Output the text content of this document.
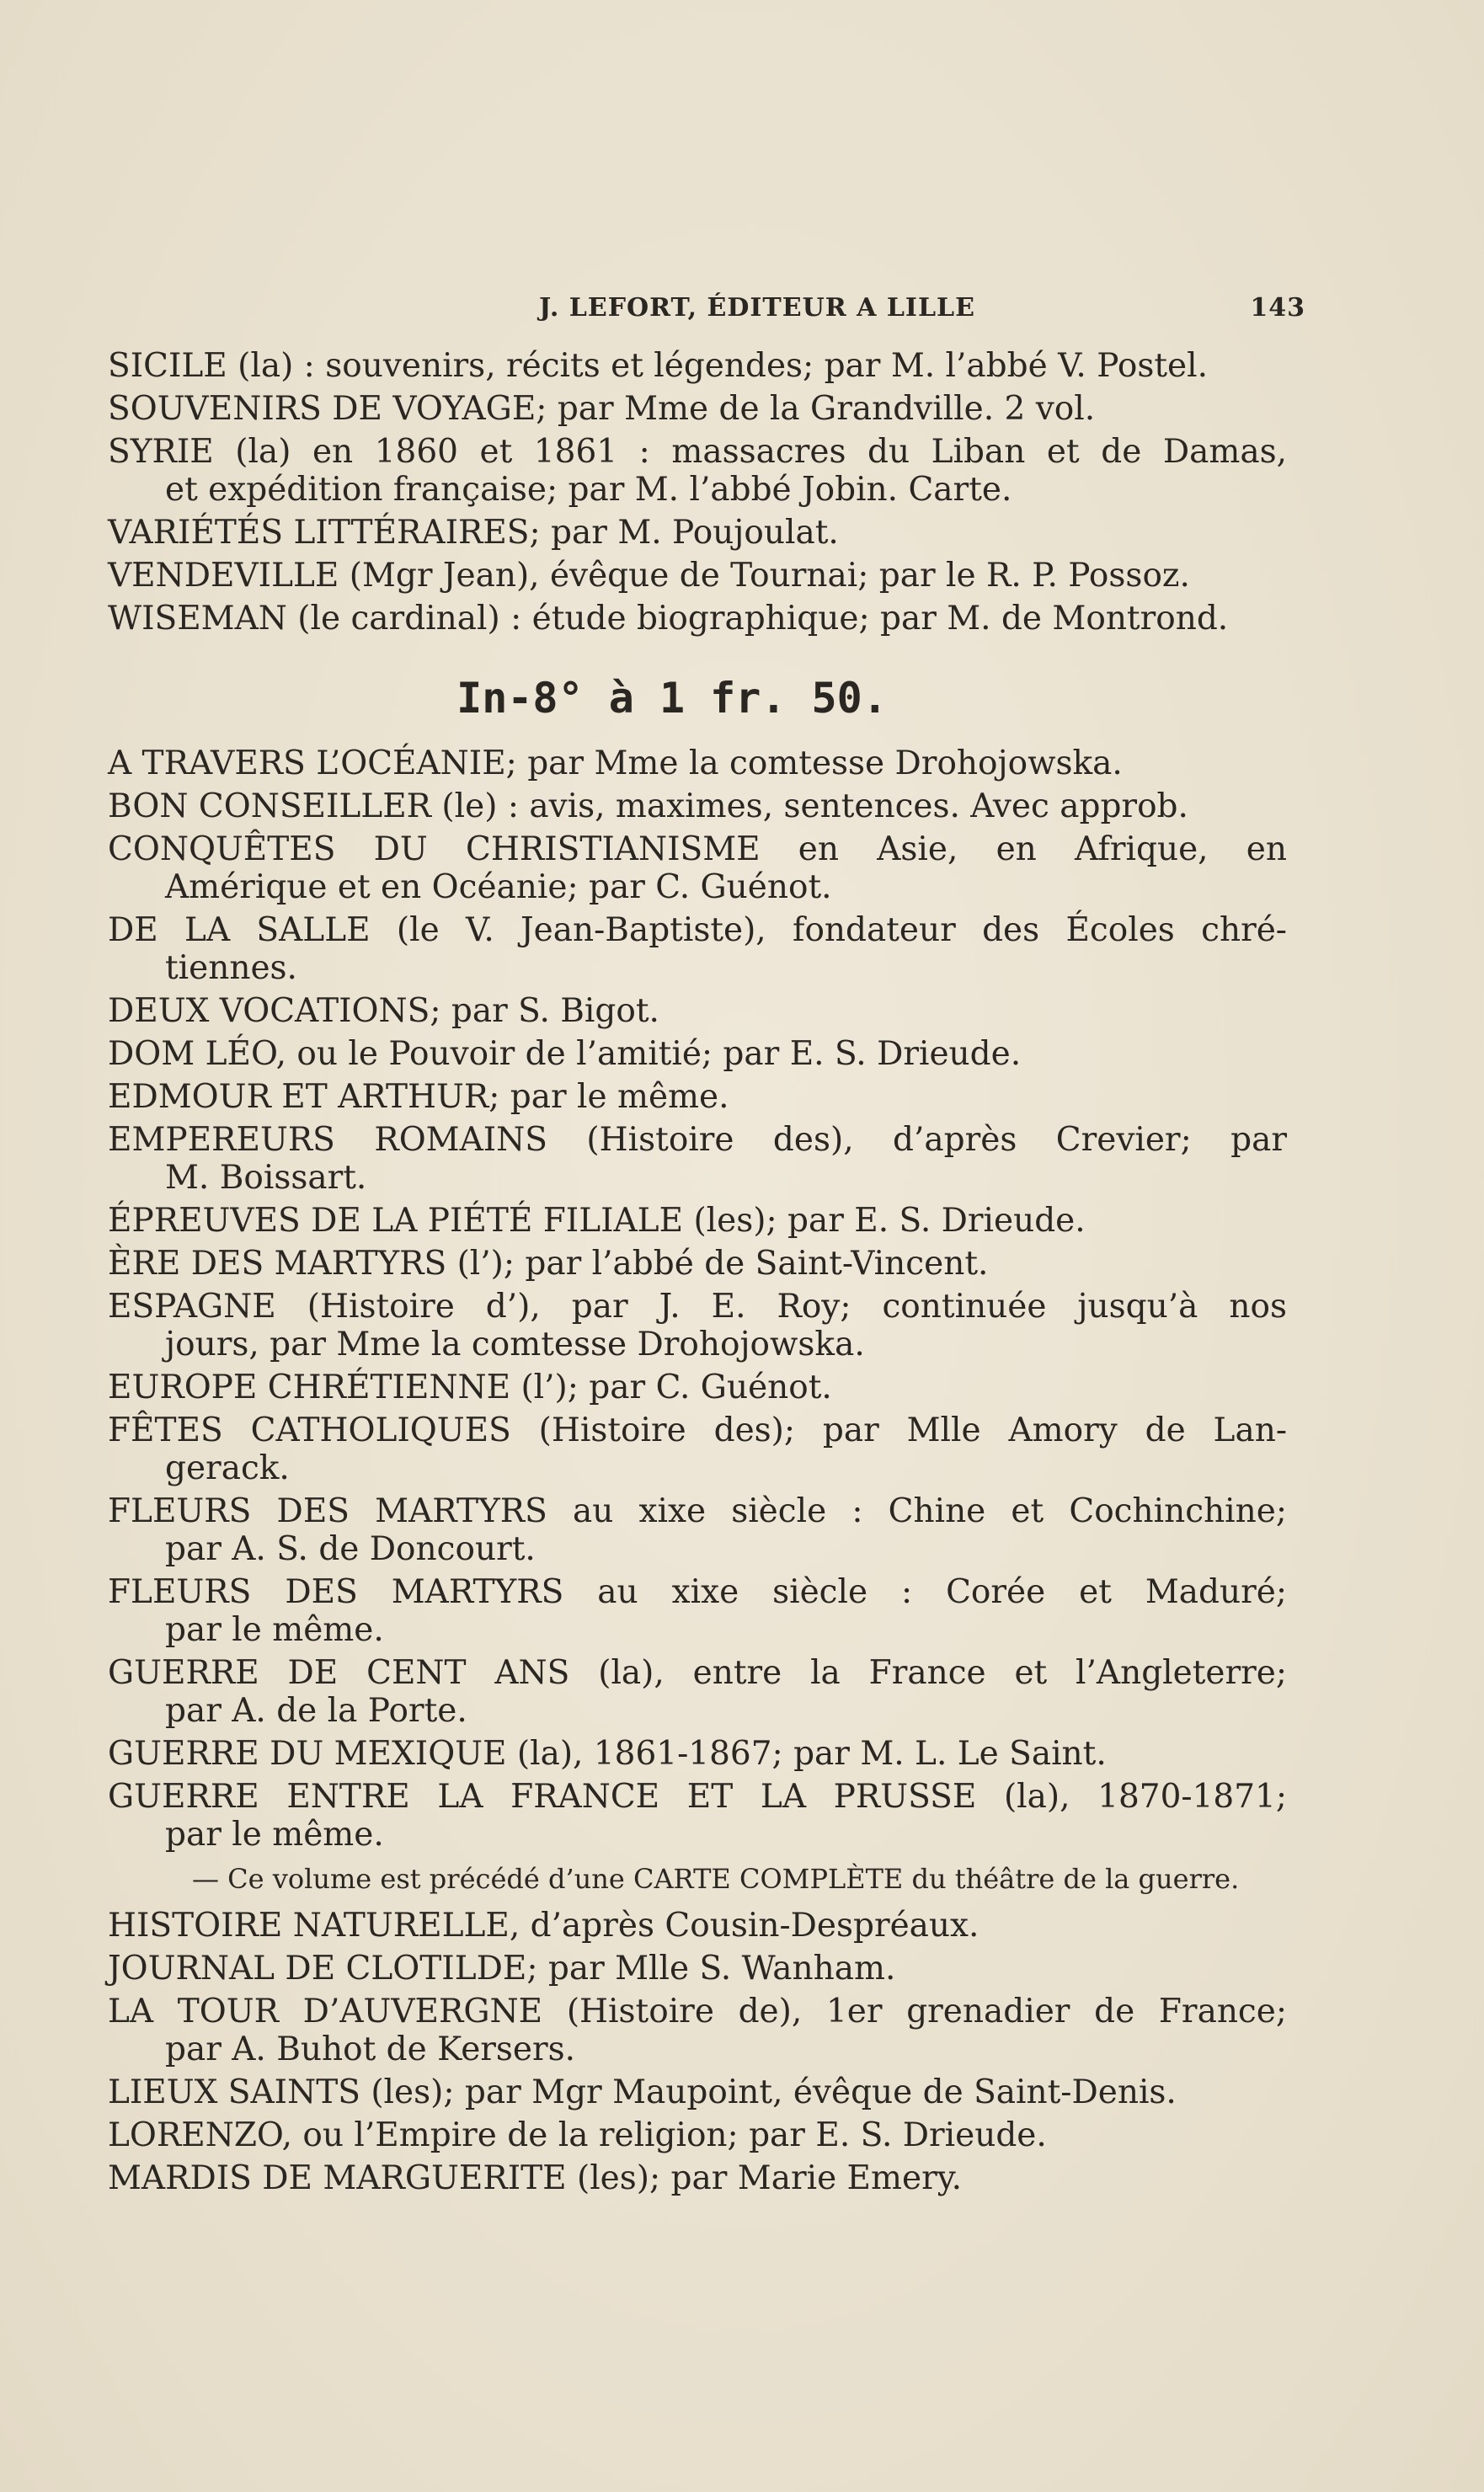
J. LEFORT, ÉDITEUR A LILLE	143
SICILE (la) : souvenirs, récits et légendes; par M. l’abbé V. Postel.
SOUVENIRS DE VOYAGE; par Mme de la Grandville. 2 vol.
SYRIE (la) en 1860 et 1861 : massacres du Liban et de Damas,
et expédition française; par M. l’abbé Jobin. Carte.
VARIÉTÉS LITTÉRAIRES; par M. Poujoulat.
VENDEVILLE (Mgr Jean), évêque de Tournai; par le R. P. Possoz.
WISEMAN (le cardinal) : étude biographique; par M. de Montrond.
In-8° à 1 fr. 50.
A TRAVERS L’OCÉANIE; par Mme la comtesse Drohojowska.
BON CONSEILLER (le) : avis, maximes, sentences. Avec approb.
CONQUÊTES DU CHRISTIANISME en Asie, en Afrique, en
Amérique et en Océanie; par C. Guénot.
DE LA SALLE (le V. Jean-Baptiste), fondateur des Écoles chré-
tiennes.
DEUX VOCATIONS; par S. Bigot.
DOM LÉO, ou le Pouvoir de l’amitié; par E. S. Drieude.
EDMOUR ET ARTHUR; par le même.
EMPEREURS ROMAINS (Histoire des), d’après Crevier; par
M. Boissart.
ÉPREUVES DE LA PIÉTÉ FILIALE (les); par E. S. Drieude.
ÈRE DES MARTYRS (l’); par l’abbé de Saint-Vincent.
ESPAGNE (Histoire d’), par J. E. Roy; continuée jusqu’à nos
jours, par Mme la comtesse Drohojowska.
EUROPE CHRÉTIENNE (l’); par C. Guénot.
FÊTES CATHOLIQUES (Histoire des); par Mlle Amory de Lan-
gerack.
FLEURS DES MARTYRS au xixe siècle : Chine et Cochinchine;
par A. S. de Doncourt.
FLEURS DES MARTYRS au xixe siècle : Corée et Maduré;
par le même.
GUERRE DE CENT ANS (la), entre la France et l’Angleterre;
par A. de la Porte.
GUERRE DU MEXIQUE (la), 1861-1867; par M. L. Le Saint.
GUERRE ENTRE LA FRANCE ET LA PRUSSE (la), 1870-1871;
par le même.
— Ce volume est précédé d’une CARTE COMPLÈTE du théâtre de la guerre.
HISTOIRE NATURELLE, d’après Cousin-Despréaux.
JOURNAL DE CLOTILDE; par Mlle S. Wanham.
LA TOUR D’AUVERGNE (Histoire de), 1er grenadier de France;
par A. Buhot de Kersers.
LIEUX SAINTS (les); par Mgr Maupoint, évêque de Saint-Denis.
LORENZO, ou l’Empire de la religion; par E. S. Drieude.
MARDIS DE MARGUERITE (les); par Marie Emery.
